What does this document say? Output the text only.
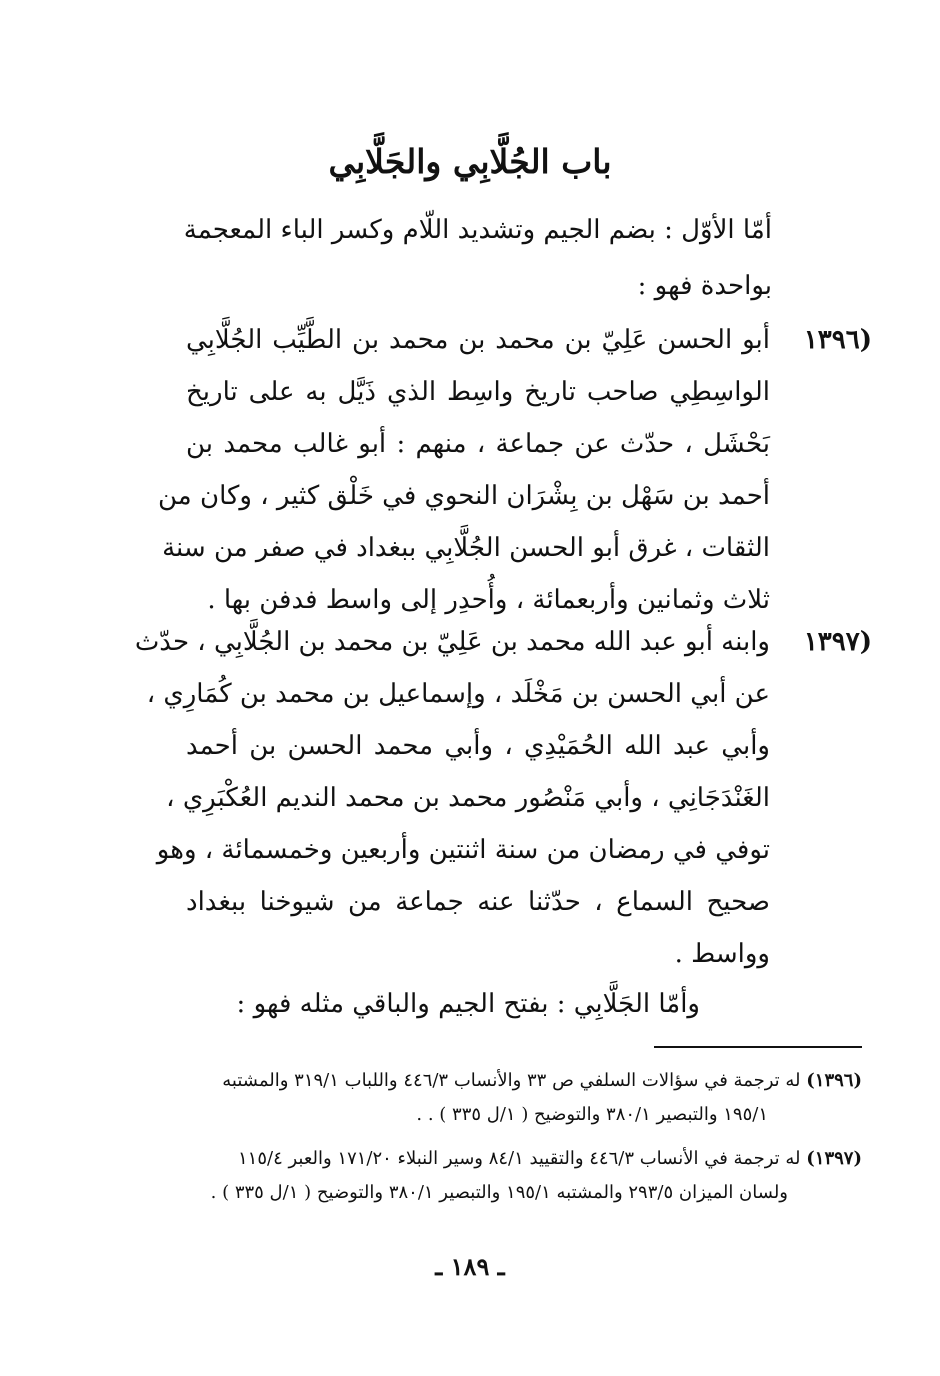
باب الجُلَّابِي والجَلَّابِي

أمّا الأوّل : بضم الجيم وتشديد اللّام وكسر الباء المعجمة

بواحدة فهو :

(١٣٩٦

أبو الحسن عَلِيّ بن محمد بن محمد بن الطَّيِّب الجُلَّابِي

الواسِطِي صاحب تاريخ واسِط الذي ذَيَّل به على تاريخ

بَحْشَل ، حدّث عن جماعة ، منهم : أبو غالب محمد بن

أحمد بن سَهْل بن بِشْرَان النحوي في خَلْق كثير ، وكان من

الثقات ، غرق أبو الحسن الجُلَّابِي ببغداد في صفر من سنة

ثلاث وثمانين وأربعمائة ، وأُحدِر إلى واسط فدفن بها .

(١٣٩٧

وابنه أبو عبد الله محمد بن عَلِيّ بن محمد بن الجُلَّابِي ، حدّث

عن أبي الحسن بن مَخْلَد ، وإسماعيل بن محمد بن كُمَارِي ،

وأبي عبد الله الحُمَيْدِي ، وأبي محمد الحسن بن أحمد

الغَنْدَجَانِي ، وأبي مَنْصُور محمد بن محمد النديم العُكْبَرِي ،

توفي في رمضان من سنة اثنتين وأربعين وخمسمائة ، وهو

صحيح السماع ، حدّثنا عنه جماعة من شيوخنا ببغداد

وواسط .

وأمّا الجَلَّابِي : بفتح الجيم والباقي مثله فهو :

(١٣٩٦) له ترجمة في سؤالات السلفي ص ٣٣ والأنساب ٤٤٦/٣ واللباب ٣١٩/١ والمشتبه
١٩٥/١ والتبصير ٣٨٠/١ والتوضيح ( ١/ل ٣٣٥ ) . .
(١٣٩٧) له ترجمة في الأنساب ٤٤٦/٣ والتقييد ٨٤/١ وسير النبلاء ١٧١/٢٠ والعبر ١١٥/٤
ولسان الميزان ٢٩٣/٥ والمشتبه ١٩٥/١ والتبصير ٣٨٠/١ والتوضيح ( ١/ل ٣٣٥ ) .
ـ ١٨٩ ـ
